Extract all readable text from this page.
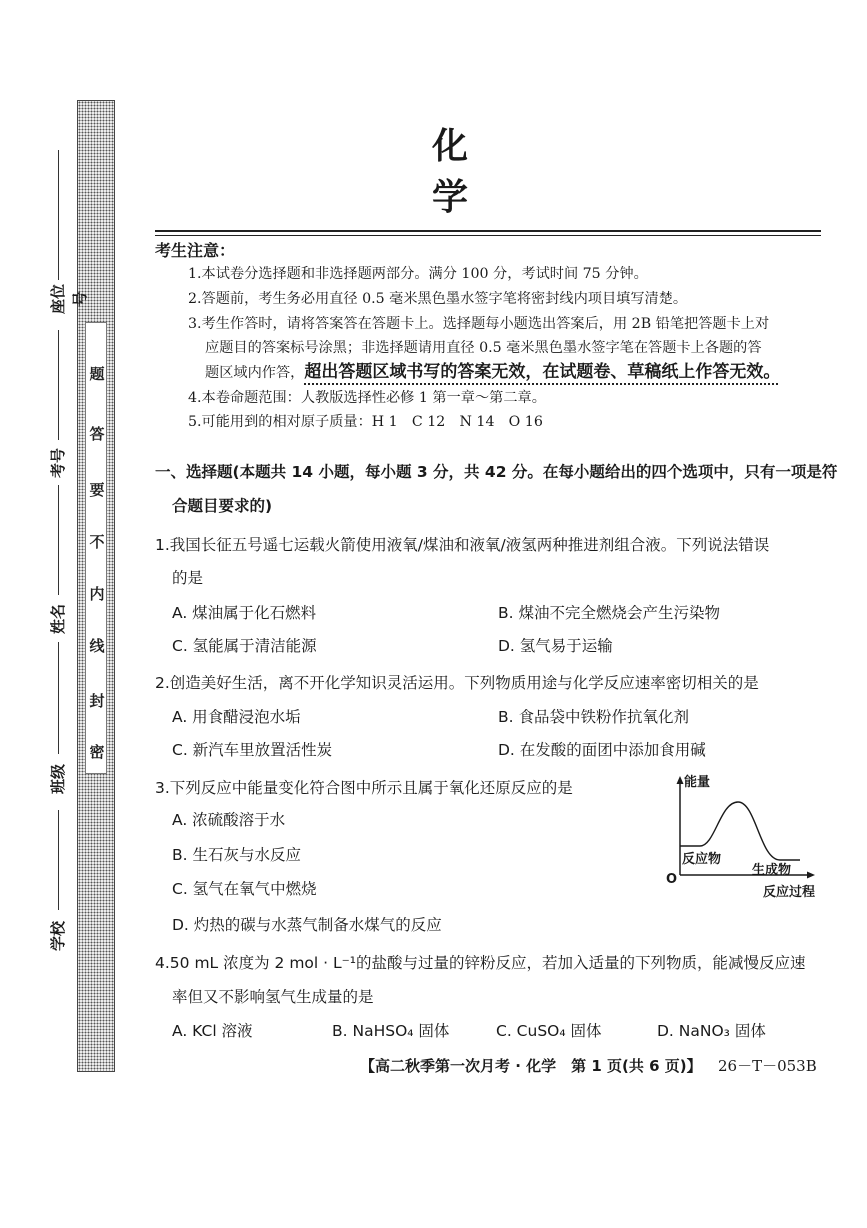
密
封
线
内
不
要
答
题
座位号
考号
姓名
班级
学校
化　学
考生注意：
1.本试卷分选择题和非选择题两部分。满分 100 分，考试时间 75 分钟。
2.答题前，考生务必用直径 0.5 毫米黑色墨水签字笔将密封线内项目填写清楚。
3.考生作答时，请将答案答在答题卡上。选择题每小题选出答案后，用 2B 铅笔把答题卡上对
应题目的答案标号涂黑；非选择题请用直径 0.5 毫米黑色墨水签字笔在答题卡上各题的答
题区域内作答，超出答题区域书写的答案无效，在试题卷、草稿纸上作答无效。
4.本卷命题范围：人教版选择性必修 1 第一章～第二章。
5.可能用到的相对原子质量：H 1　C 12　N 14　O 16
一、选择题(本题共 14 小题，每小题 3 分，共 42 分。在每小题给出的四个选项中，只有一项是符
合题目要求的)
1.我国长征五号遥七运载火箭使用液氧/煤油和液氧/液氢两种推进剂组合液。下列说法错误
的是
A. 煤油属于化石燃料	B. 煤油不完全燃烧会产生污染物
C. 氢能属于清洁能源	D. 氢气易于运输
2.创造美好生活，离不开化学知识灵活运用。下列物质用途与化学反应速率密切相关的是
A. 用食醋浸泡水垢	B. 食品袋中铁粉作抗氧化剂
C. 新汽车里放置活性炭	D. 在发酸的面团中添加食用碱
3.下列反应中能量变化符合图中所示且属于氧化还原反应的是
A. 浓硫酸溶于水
B. 生石灰与水反应
C. 氢气在氧气中燃烧
D. 灼热的碳与水蒸气制备水煤气的反应
能量
O
反应物
生成物
反应过程
4.50 mL 浓度为 2 mol · L⁻¹的盐酸与过量的锌粉反应，若加入适量的下列物质，能减慢反应速
率但又不影响氢气生成量的是
A. KCl 溶液	B. NaHSO₄ 固体	C. CuSO₄ 固体	D. NaNO₃ 固体
【高二秋季第一次月考 · 化学　第 1 页(共 6 页)】 26－T－053B
